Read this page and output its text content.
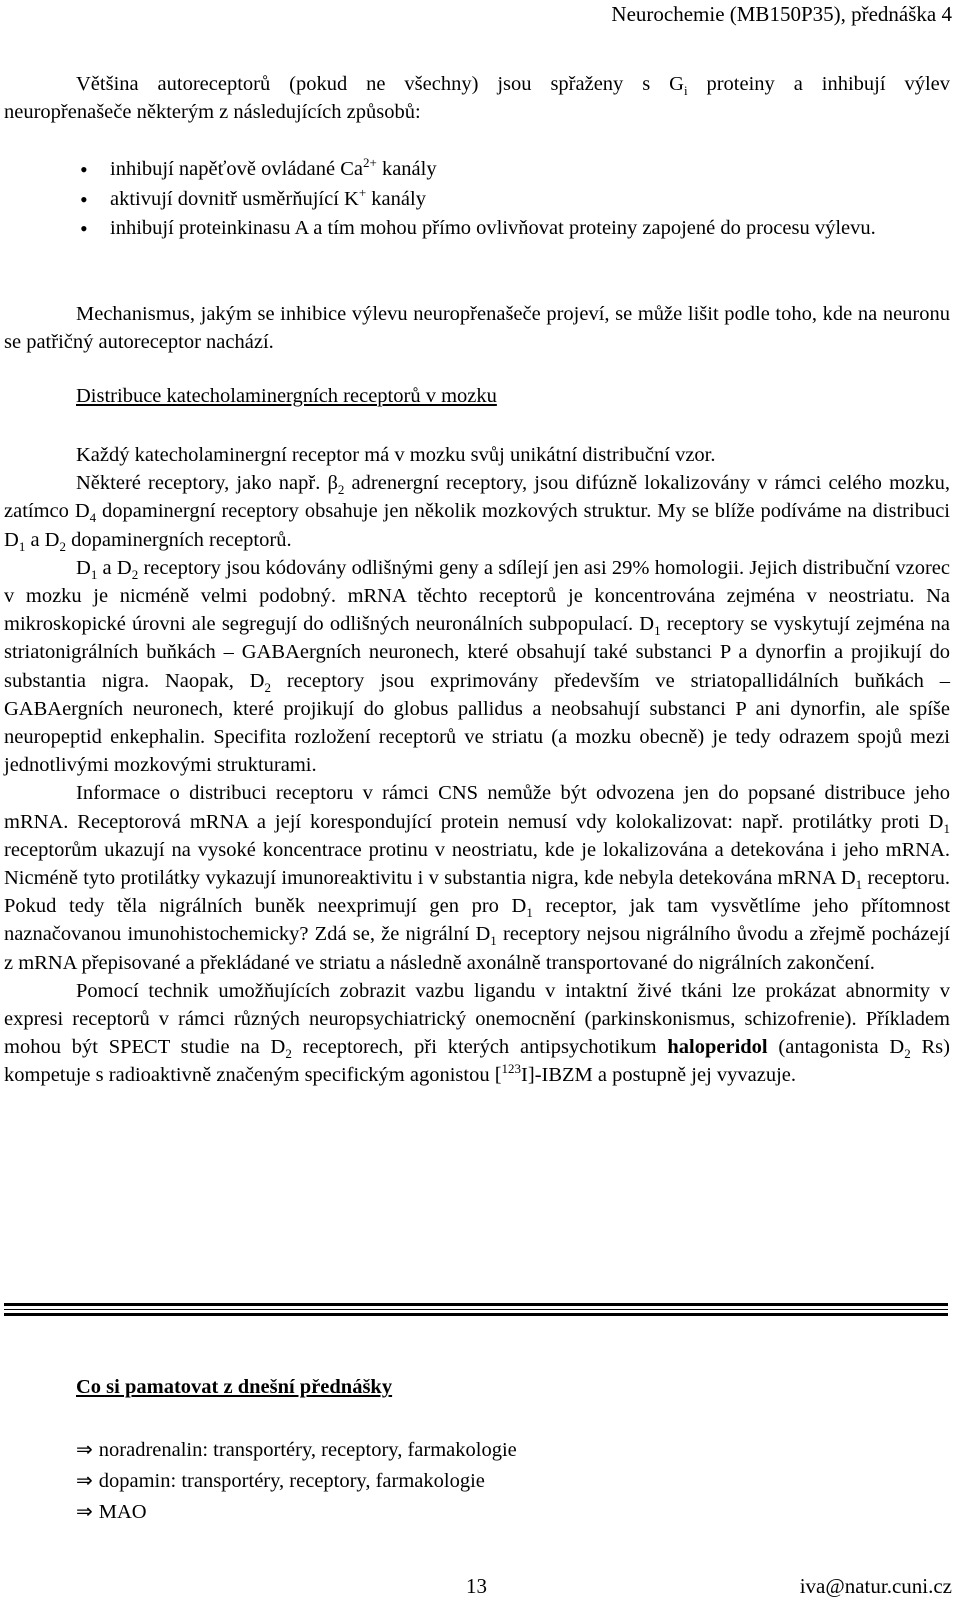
Neurochemie (MB150P35), přednáška 4

Většina autoreceptorů (pokud ne všechny) jsou spřaženy s $G_i$ proteiny a inhibují výlev
neuropřenašeče některým z následujících způsobů:

• inhibují napěťově ovládané $Ca^{2+}$ kanály
• aktivují dovnitř usměrňující K+ kanály
• inhibují proteinkinasu A a tím mohou přímo ovlivňovat proteiny zapojené do procesu výlevu.

Mechanismus, jakým se inhibice výlevu neuropřenašeče projeví, se může lišit podle toho, kde na neuronu se patřičný autoreceptor nachází.

Distribuce katecholaminergních receptorů v mozku
Každý katecholaminergní receptor má v mozku svůj unikátní distribuční vzor.
Některé receptory, jako např. $\beta_2$ adrenergní receptory, jsou difúzně lokalizovány v rámci celého mozku, zatímco $D_4$ dopaminergní receptory obsahuje jen několik mozkových struktur. My se blíže podíváme na distribuci $D_1$ a $D_2$ dopaminergních receptorů.
$D_1$ a $D_2$ receptory jsou kódovány odlišnými geny a sdílejí jen asi 29% homologii. Jejich distribuční vzorec v mozku je nicméně velmi podobný. mRNA těchto receptorů je koncentrována zejména v neostriatu. Na mikroskopické úrovni ale segregují do odlišných neuronálních subpopulací. $D_1$ receptory se vyskytují zejména na striatonigrálních buňkách – GABAergních neuronech, které obsahují také substanci P a dynorfin a projikují do substantia nigra. Naopak, $D_2$ receptory jsou exprimovány především ve striatopallidálních buňkách – GABAergních neuronech, které projikují do globus pallidus a neobsahují substanci P ani dynorfin, ale spíše neuropeptid enkephalin. Specifita rozložení receptorů ve striatu (a mozku obecně) je tedy odrazem spojů mezi jednotlivými mozkovými strukturami.
Informace o distribuci receptoru v rámci CNS nemůže být odvozena jen do popsané distribuce jeho mRNA. Receptorová mRNA a její korespondující protein nemusí vdy kolokalizovat: např. protilátky proti $D_1$ receptorům ukazují na vysoké koncentrace protinu v neostriatu, kde je lokalizována a detekována i jeho mRNA. Nicméně tyto protilátky vykazují imunoreaktivitu i v substantia nigra, kde nebyla detekována mRNA $D_1$ receptoru. Pokud tedy těla nigrálních buněk neexprimují gen pro $D_1$ receptor, jak tam vysvětlíme jeho přítomnost naznačovanou imunohistochemicky? Zdá se, že nigrální $D_1$ receptory nejsou nigrálního ůvodu a zřejmě pocházejí z mRNA přepisované a překládané ve striatu a následně axonálně transportované do nigrálních zakončení.
Pomocí technik umožňujících zobrazit vazbu ligandu v intaktní živé tkáni lze prokázat abnormity v expresi receptorů v rámci různých neuropsychiatrický onemocnění (parkinskonismus, schizofrenie). Příkladem mohou být SPECT studie na $D_2$ receptorech, při kterých antipsychotikum haloperidol (antagonista $D_2$ Rs) kompetuje s radioaktivně značeným specifickým agonistou [$^{123}$I]-IBZM a postupně jej vyvazuje.
Co si pamatovat z dnešní přednášky
⇒ noradrenalin: transportéry, receptory, farmakologie
⇒ dopamin: transportéry, receptory, farmakologie
⇒ MAO
13	iva@natur.cuni.cz
